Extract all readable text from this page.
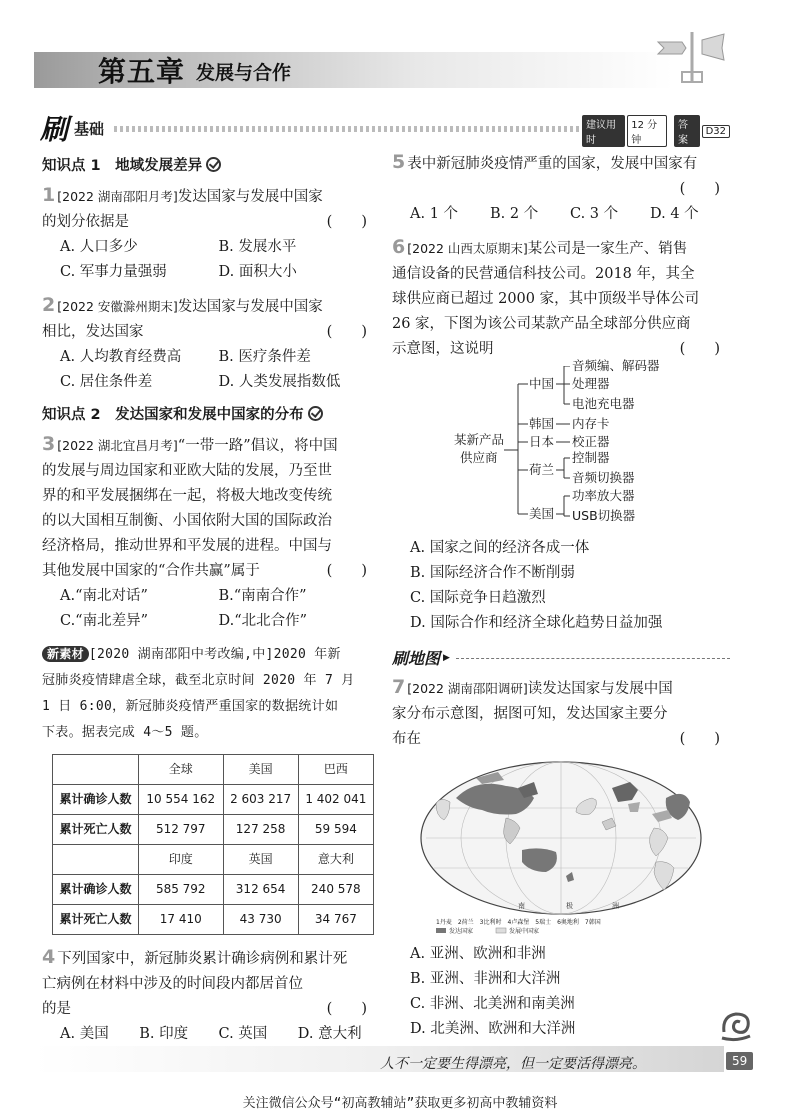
第五章 发展与合作
刷 基础	建议用时
12 分钟
答案
D32
知识点 1　地域发展差异
1 [2022 湖南邵阳月考]发达国家与发展中国家
的划分依据是	(　　)
A. 人口多少	B. 发展水平
C. 军事力量强弱	D. 面积大小
2 [2022 安徽滁州期末]发达国家与发展中国家
相比，发达国家	(　　)
A. 人均教育经费高	B. 医疗条件差
C. 居住条件差	D. 人类发展指数低
知识点 2　发达国家和发展中国家的分布
3 [2022 湖北宜昌月考]“一带一路”倡议，将中国
的发展与周边国家和亚欧大陆的发展，乃至世
界的和平发展捆绑在一起，将极大地改变传统
的以大国相互制衡、小国依附大国的国际政治
经济格局，推动世界和平发展的进程。中国与
其他发展中国家的“合作共赢”属于	(　　)
A.“南北对话”	B.“南南合作”
C.“南北差异”	D.“北北合作”
新素材 [2020 湖南邵阳中考改编,中]2020 年新
冠肺炎疫情肆虐全球，截至北京时间 2020 年 7 月
1 日 6:00，新冠肺炎疫情严重国家的数据统计如
下表。据表完成 4～5 题。
	全球	美国	巴西
累计确诊人数	10 554 162	2 603 217	1 402 041
累计死亡人数	512 797	127 258	59 594
	印度	英国	意大利
累计确诊人数	585 792	312 654	240 578
累计死亡人数	17 410	43 730	34 767
4 下列国家中，新冠肺炎累计确诊病例和累计死
亡病例在材料中涉及的时间段内都居首位
的是	(　　)
A. 美国	B. 印度	C. 英国	D. 意大利
5 表中新冠肺炎疫情严重的国家，发展中国家有
(　　)
A. 1 个	B. 2 个	C. 3 个	D. 4 个
6 [2022 山西太原期末]某公司是一家生产、销售
通信设备的民营通信科技公司。2018 年，其全
球供应商已超过 2000 家，其中顶级半导体公司
26 家，下图为该公司某款产品全球部分供应商
示意图，这说明	(　　)
某新产品
供应商
中国
韩国
日本
荷兰
美国
音频编、解码器
处理器
电池充电器
内存卡
校正器
控制器
音频切换器
功率放大器
USB切换器
A. 国家之间的经济各成一体
B. 国际经济合作不断削弱
C. 国际竞争日趋激烈
D. 国际合作和经济全球化趋势日益加强
刷地图 ▶
7 [2022 湖南邵阳调研]读发达国家与发展中国
家分布示意图，据图可知，发达国家主要分
布在	(　　)
南	极	洲
1丹麦　2荷兰　3比利时　4卢森堡　5瑞士　6奥地利　7韩国
发达国家	发展中国家
A. 亚洲、欧洲和非洲
B. 亚洲、非洲和大洋洲
C. 非洲、北美洲和南美洲
D. 北美洲、欧洲和大洋洲
人不一定要生得漂亮，但一定要活得漂亮。	59
关注微信公众号“初高教辅站”获取更多初高中教辅资料
